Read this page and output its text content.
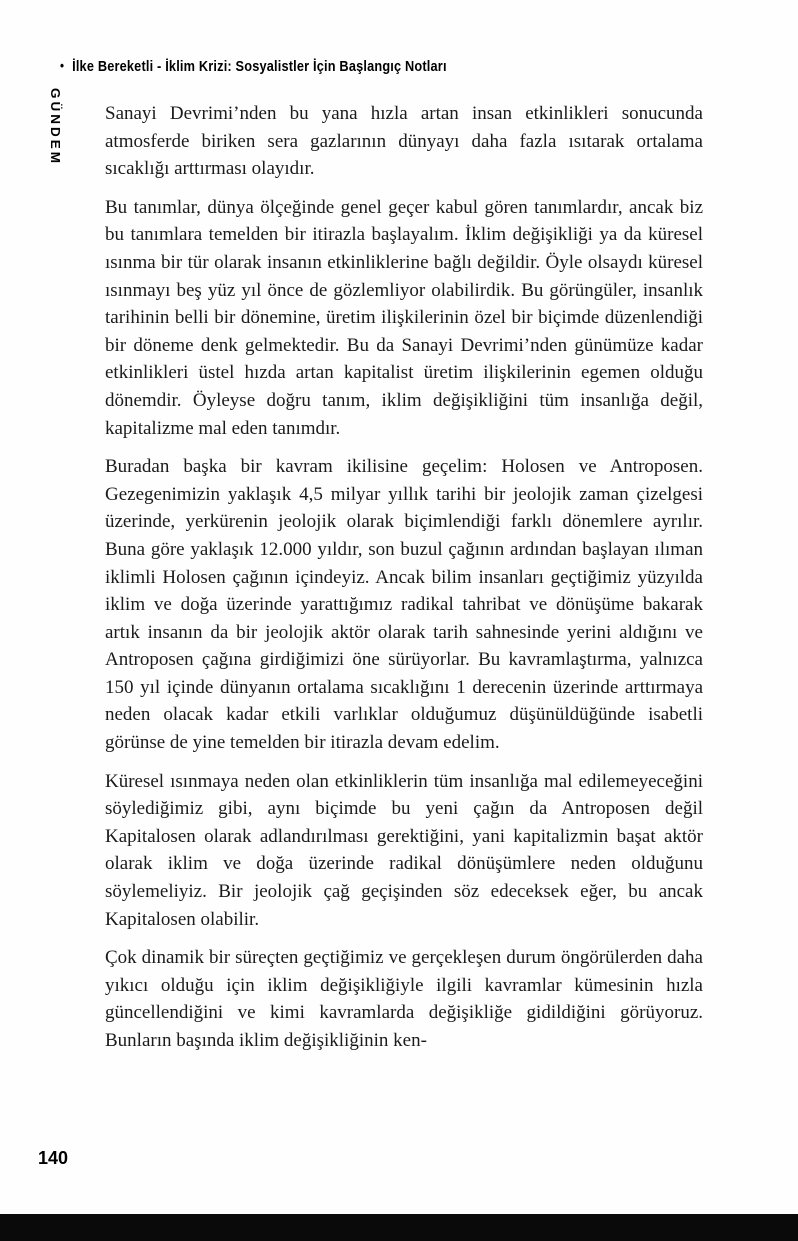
• İlke Bereketli - İklim Krizi: Sosyalistler İçin Başlangıç Notları
GÜNDEM Sanayi Devrimi’nden bu yana hızla artan insan etkinlikleri sonucunda atmosferde biriken sera gazlarının dünyayı daha fazla ısıtarak ortalama sıcaklığı arttırması olayıdır.

Bu tanımlar, dünya ölçeğinde genel geçer kabul gören tanımlardır, ancak biz bu tanımlara temelden bir itirazla başlayalım. İklim değişikliği ya da küresel ısınma bir tür olarak insanın etkinliklerine bağlı değildir. Öyle olsaydı küresel ısınmayı beş yüz yıl önce de gözlemliyor olabilirdik. Bu görüngüler, insanlık tarihinin belli bir dönemine, üretim ilişkilerinin özel bir biçimde düzenlendiği bir döneme denk gelmektedir. Bu da Sanayi Devrimi’nden günümüze kadar etkinlikleri üstel hızda artan kapitalist üretim ilişkilerinin egemen olduğu dönemdir. Öyleyse doğru tanım, iklim değişikliğini tüm insanlığa değil, kapitalizme mal eden tanımdır.

Buradan başka bir kavram ikilisine geçelim: Holosen ve Antroposen. Gezegenimizin yaklaşık 4,5 milyar yıllık tarihi bir jeolojik zaman çizelgesi üzerinde, yerkürenin jeolojik olarak biçimlendiği farklı dönemlere ayrılır. Buna göre yaklaşık 12.000 yıldır, son buzul çağının ardından başlayan ılıman iklimli Holosen çağının içindeyiz. Ancak bilim insanları geçtiğimiz yüzyılda iklim ve doğa üzerinde yarattığımız radikal tahribat ve dönüşüme bakarak artık insanın da bir jeolojik aktör olarak tarih sahnesinde yerini aldığını ve Antroposen çağına girdiğimizi öne sürüyorlar. Bu kavramlaştırma, yalnızca 150 yıl içinde dünyanın ortalama sıcaklığını 1 derecenin üzerinde arttırmaya neden olacak kadar etkili varlıklar olduğumuz düşünüldüğünde isabetli görünse de yine temelden bir itirazla devam edelim.

Küresel ısınmaya neden olan etkinliklerin tüm insanlığa mal edilemeyeceğini söylediğimiz gibi, aynı biçimde bu yeni çağın da Antroposen değil Kapitalosen olarak adlandırılması gerektiğini, yani kapitalizmin başat aktör olarak iklim ve doğa üzerinde radikal dönüşümlere neden olduğunu söylemeliyiz. Bir jeolojik çağ geçişinden söz edeceksek eğer, bu ancak Kapitalosen olabilir.

Çok dinamik bir süreçten geçtiğimiz ve gerçekleşen durum öngörülerden daha yıkıcı olduğu için iklim değişikliğiyle ilgili kavramlar kümesinin hızla güncellendiğini ve kimi kavramlarda değişikliğe gidildiğini görüyoruz. Bunların başında iklim değişikliğinin ken-

140
